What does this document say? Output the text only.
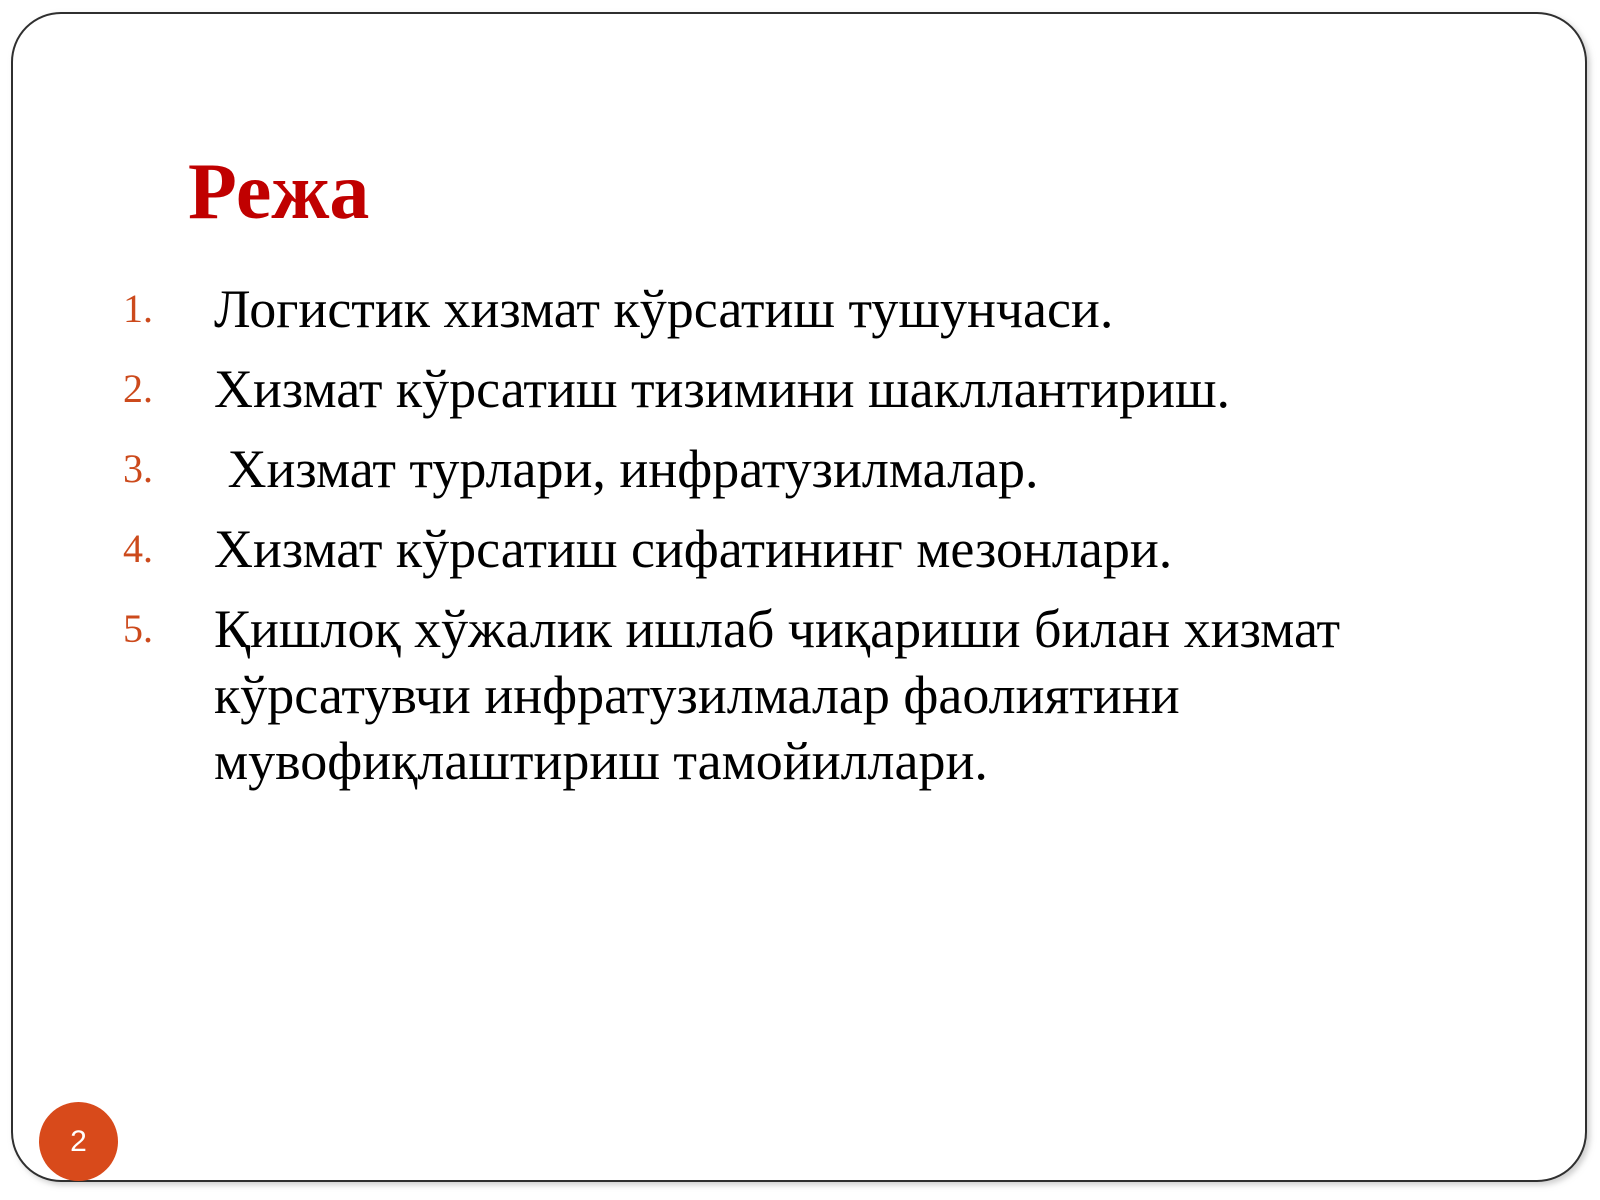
Режа
1.	Логистик хизмат кўрсатиш тушунчаси.
2.	Хизмат кўрсатиш тизимини шакллантириш.
3.	Хизмат турлари, инфратузилмалар.
4.	Хизмат кўрсатиш сифатининг мезонлари.
5.	Қишлоқ хўжалик ишлаб чиқариши билан хизмат кўрсатувчи инфратузилмалар фаолиятини мувофиқлаштириш тамойиллари.
2
